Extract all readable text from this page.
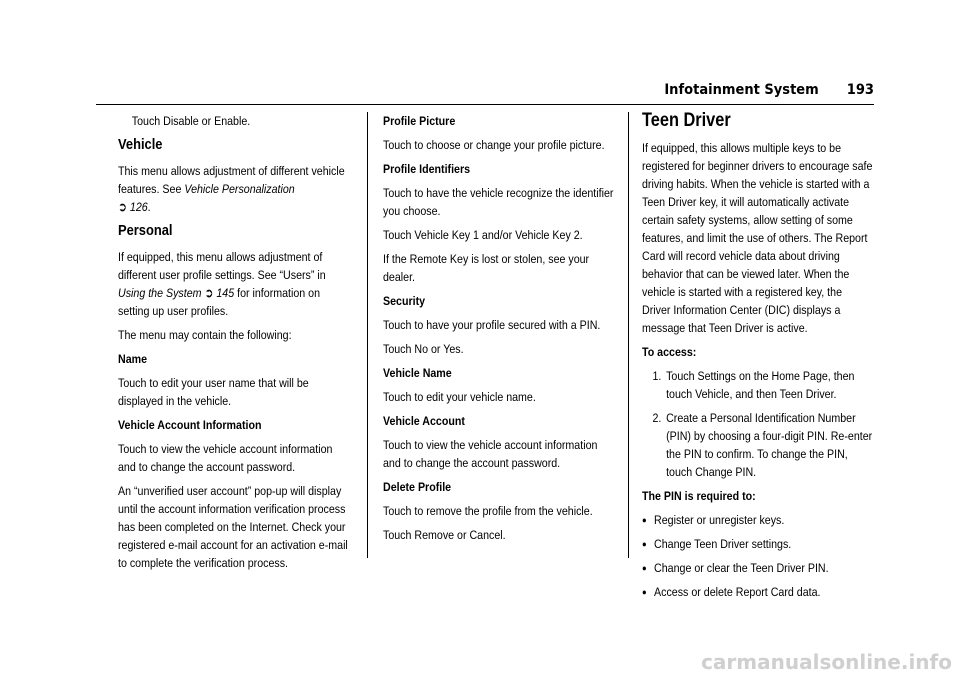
Infotainment System 193

Touch Disable or Enable.

Vehicle

This menu allows adjustment of different vehicle features. See Vehicle Personalization
➲ 126.

Personal

If equipped, this menu allows adjustment of different user profile settings. See “Users” in Using the System ➲ 145 for information on setting up user profiles.

The menu may contain the following:

Name

Touch to edit your user name that will be displayed in the vehicle.

Vehicle Account Information

Touch to view the vehicle account information and to change the account password.

An “unverified user account” pop-up will display until the account information verification process has been completed on the Internet. Check your registered e-mail account for an activation e-mail to complete the verification process.

Profile Picture

Touch to choose or change your profile picture.

Profile Identifiers

Touch to have the vehicle recognize the identifier you choose.

Touch Vehicle Key 1 and/or Vehicle Key 2.

If the Remote Key is lost or stolen, see your dealer.

Security

Touch to have your profile secured with a PIN.

Touch No or Yes.

Vehicle Name

Touch to edit your vehicle name.

Vehicle Account

Touch to view the vehicle account information and to change the account password.

Delete Profile

Touch to remove the profile from the vehicle.

Touch Remove or Cancel.

Teen Driver

If equipped, this allows multiple keys to be registered for beginner drivers to encourage safe driving habits. When the vehicle is started with a Teen Driver key, it will automatically activate certain safety systems, allow setting of some features, and limit the use of others. The Report Card will record vehicle data about driving behavior that can be viewed later. When the vehicle is started with a registered key, the Driver Information Center (DIC) displays a message that Teen Driver is active.

To access:

1. Touch Settings on the Home Page, then touch Vehicle, and then Teen Driver.
2. Create a Personal Identification Number (PIN) by choosing a four-digit PIN. Re-enter the PIN to confirm. To change the PIN, touch Change PIN.

The PIN is required to:

● Register or unregister keys.
● Change Teen Driver settings.
● Change or clear the Teen Driver PIN.
● Access or delete Report Card data.
carmanualsonline.info
